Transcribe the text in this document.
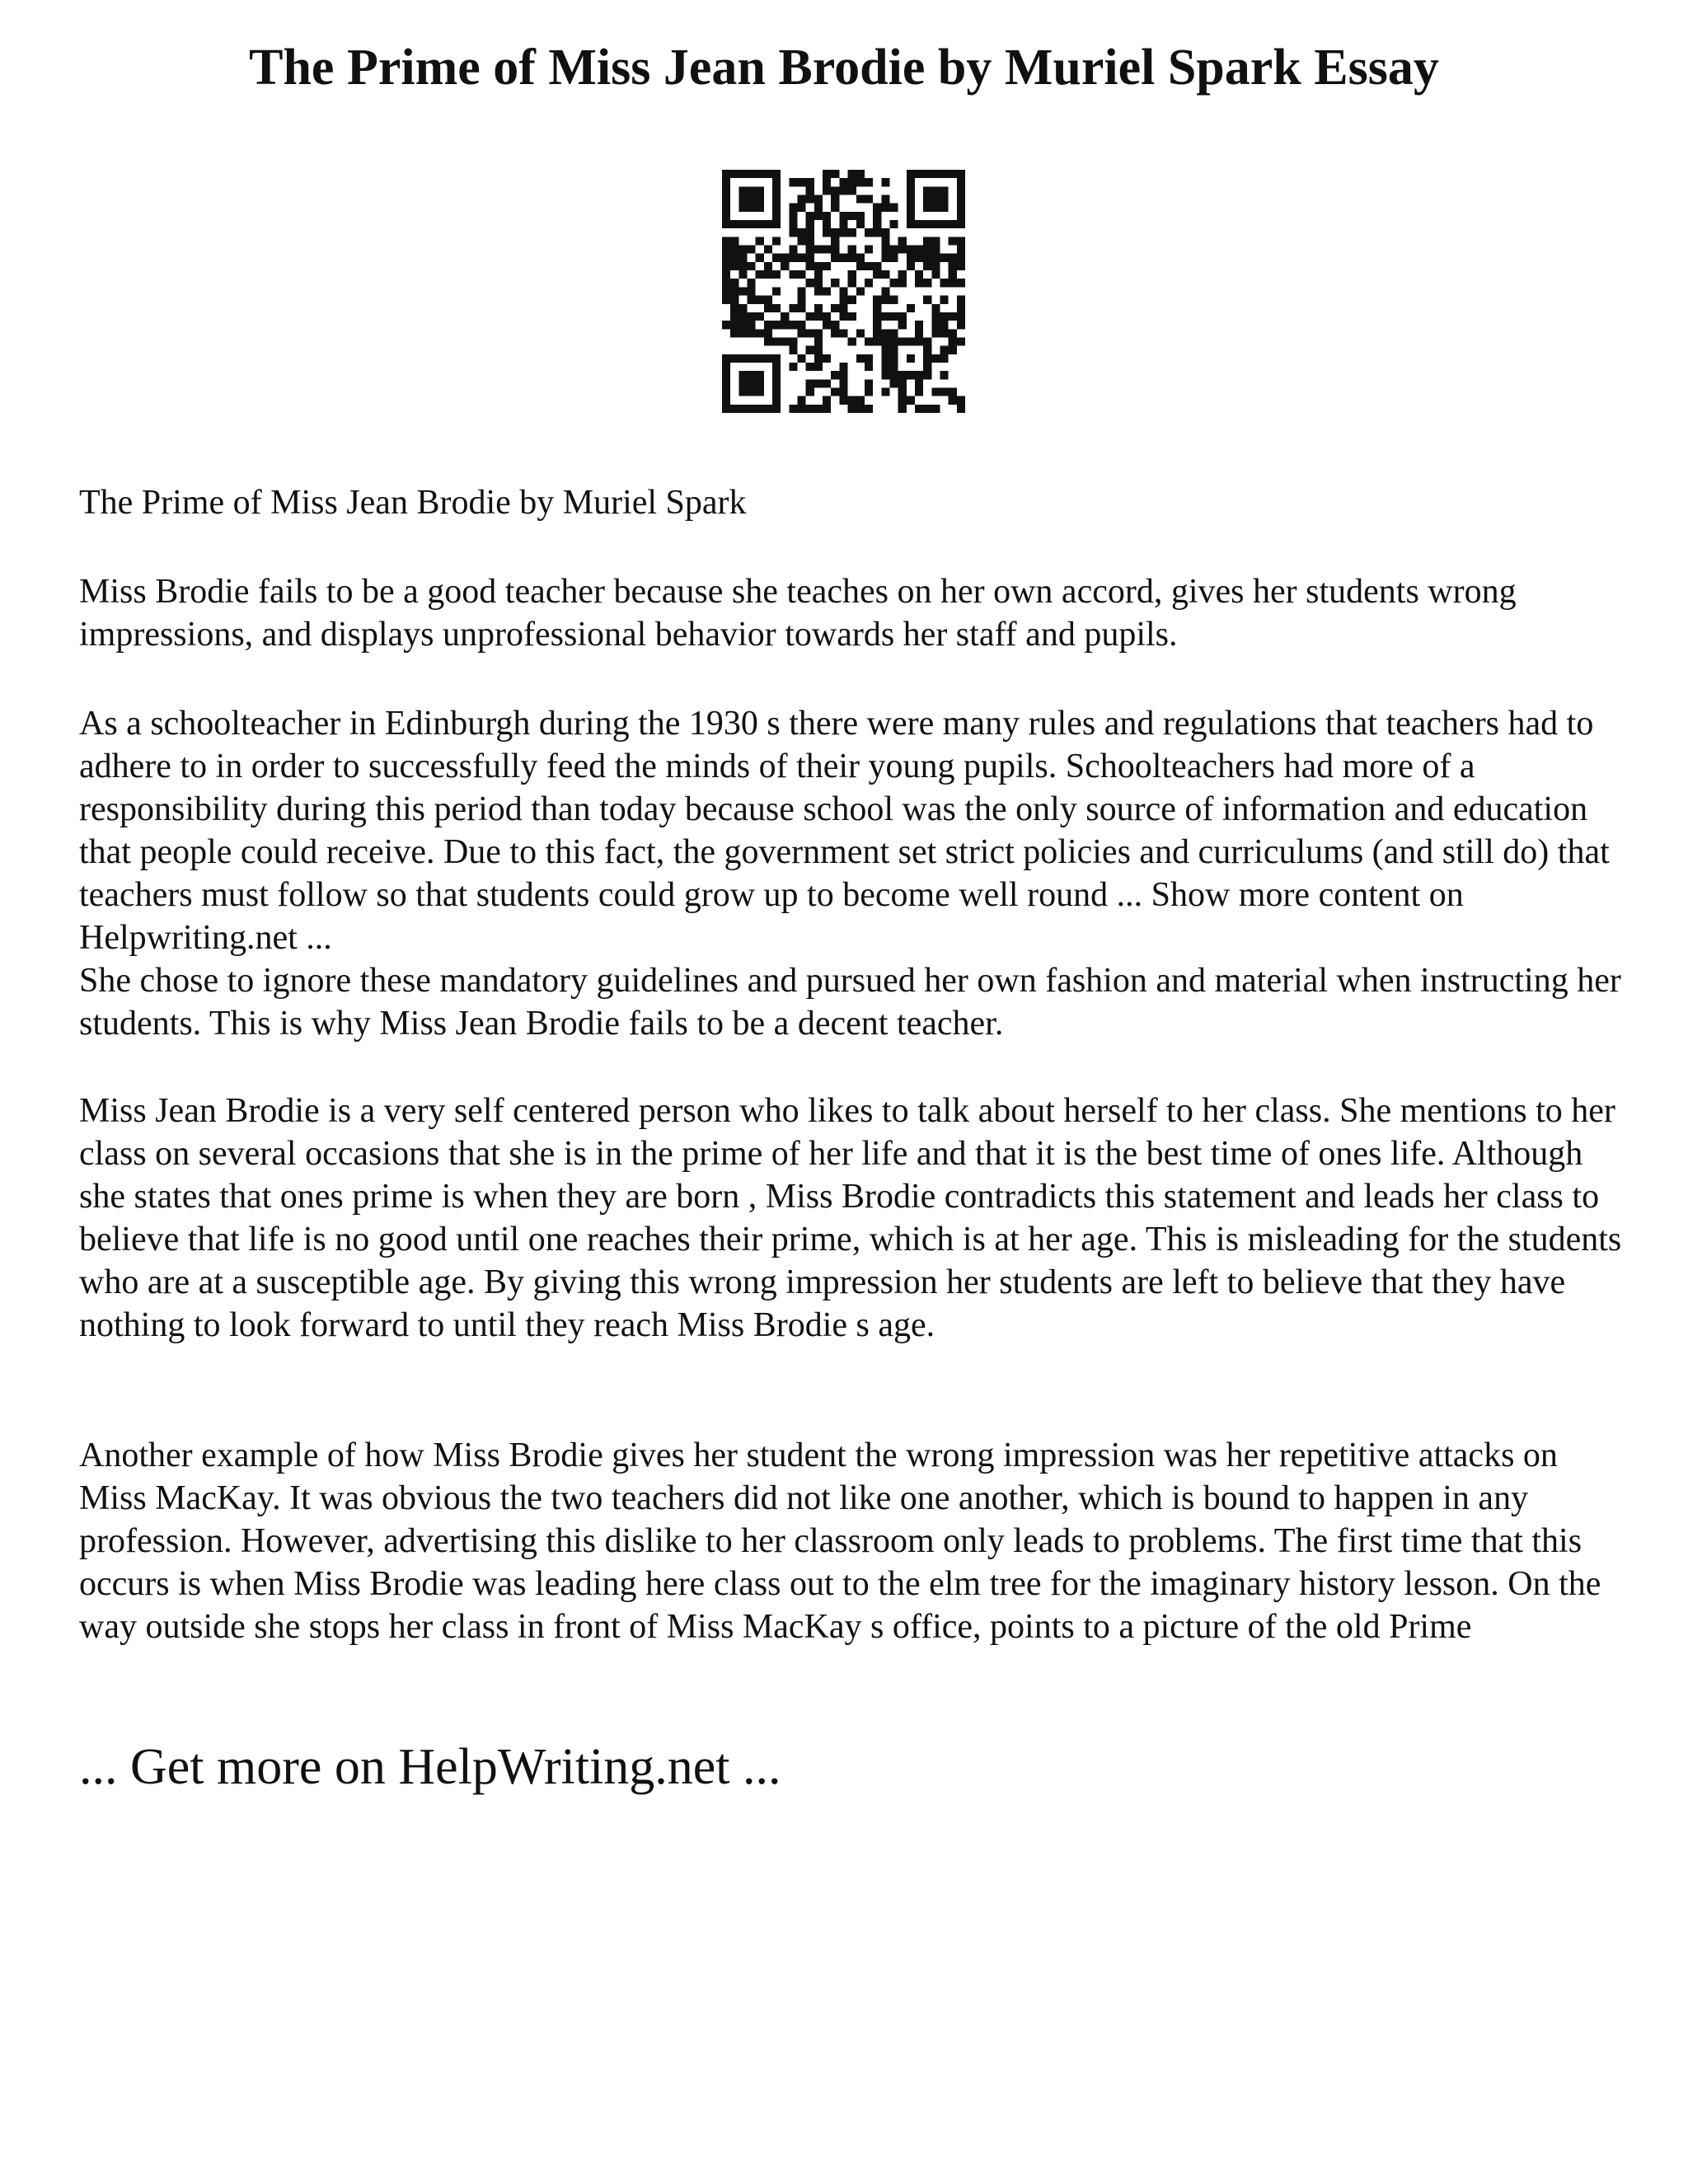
The Prime of Miss Jean Brodie by Muriel Spark Essay

The Prime of Miss Jean Brodie by Muriel Spark

Miss Brodie fails to be a good teacher because she teaches on her own accord, gives her students wrong impressions, and displays unprofessional behavior towards her staff and pupils.

As a schoolteacher in Edinburgh during the 1930 s there were many rules and regulations that teachers had to adhere to in order to successfully feed the minds of their young pupils. Schoolteachers had more of a responsibility during this period than today because school was the only source of information and education that people could receive. Due to this fact, the government set strict policies and curriculums (and still do) that teachers must follow so that students could grow up to become well round ... Show more content on Helpwriting.net ...

She chose to ignore these mandatory guidelines and pursued her own fashion and material when instructing her students. This is why Miss Jean Brodie fails to be a decent teacher.

Miss Jean Brodie is a very self centered person who likes to talk about herself to her class. She mentions to her class on several occasions that she is in the prime of her life and that it is the best time of ones life. Although she states that ones prime is when they are born , Miss Brodie contradicts this statement and leads her class to believe that life is no good until one reaches their prime, which is at her age. This is misleading for the students who are at a susceptible age. By giving this wrong impression her students are left to believe that they have nothing to look forward to until they reach Miss Brodie s age.

Another example of how Miss Brodie gives her student the wrong impression was her repetitive attacks on Miss MacKay. It was obvious the two teachers did not like one another, which is bound to happen in any profession. However, advertising this dislike to her classroom only leads to problems. The first time that this occurs is when Miss Brodie was leading here class out to the elm tree for the imaginary history lesson. On the way outside she stops her class in front of Miss MacKay s office, points to a picture of the old Prime

... Get more on HelpWriting.net ...
